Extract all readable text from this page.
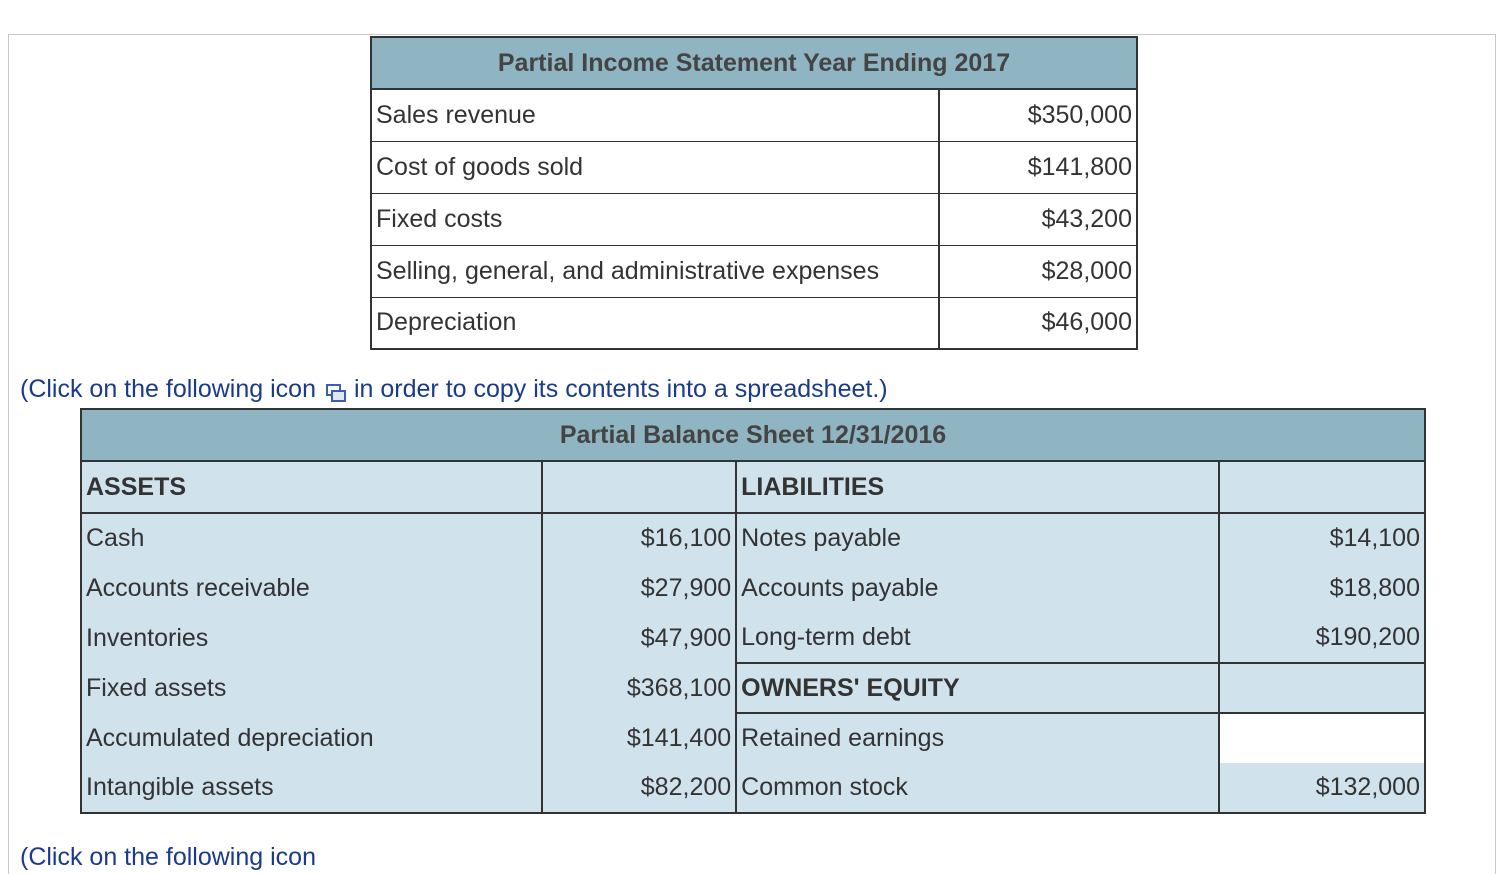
Partial Income Statement Year Ending 2017	
Sales revenue	$350,000
Cost of goods sold	$141,800
Fixed costs	$43,200
Selling, general, and administrative expenses	$28,000
Depreciation	$46,000
(Click on the following icon in order to copy its contents into a spreadsheet.)
Partial Balance Sheet 12/31/2016			
ASSETS		LIABILITIES	
Cash	$16,100	Notes payable	$14,100
Accounts receivable	$27,900	Accounts payable	$18,800
Inventories	$47,900	Long-term debt	$190,200
Fixed assets	$368,100	OWNERS' EQUITY	
Accumulated depreciation	$141,400	Retained earnings	
Intangible assets	$82,200	Common stock	$132,000
(Click on the following icon
